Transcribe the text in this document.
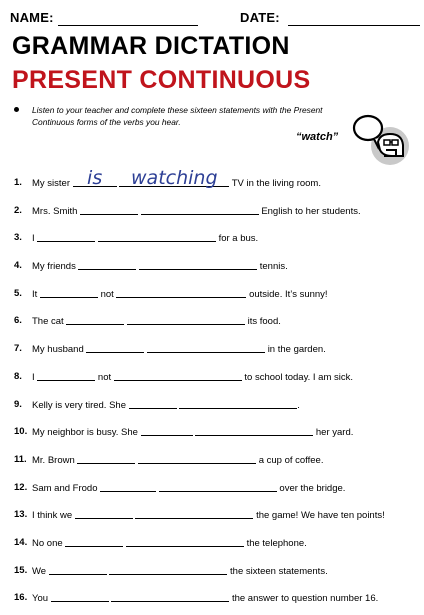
NAME:	DATE:
GRAMMAR DICTATION
PRESENT CONTINUOUS
Listen to your teacher and complete these sixteen statements with the Present Continuous forms of the verbs you hear.
“watch”
1. My sister is
	watching	TV in the living room.
2. Mrs. Smith	English to her students.
3. I	for a bus.
4. My friends	tennis.
5. It	not	outside. It’s sunny!
6. The cat	its food.
7. My husband	in the garden.
8. I	not	to school today. I am sick.
9. Kelly is very tired. She	.
10. My neighbor is busy. She	her yard.
11. Mr. Brown	a cup of coffee.
12. Sam and Frodo	over the bridge.
13. I think we	the game! We have ten points!
14. No one	the telephone.
15. We	the sixteen statements.
16. You	the answer to question number 16.
